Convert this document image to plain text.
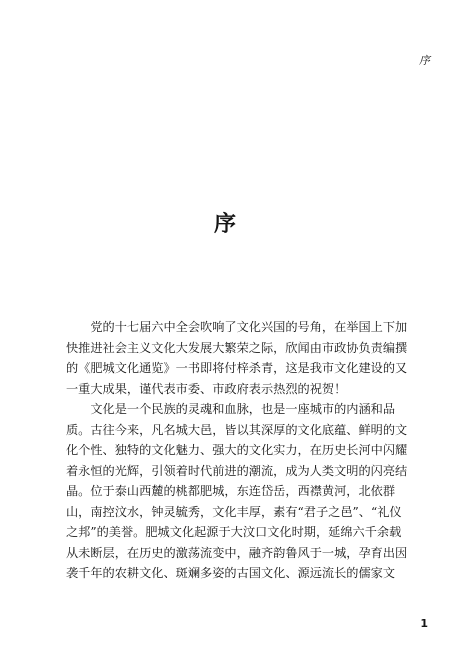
序
序
　　党的十七届六中全会吹响了文化兴国的号角，在举国上下加
快推进社会主义文化大发展大繁荣之际，欣闻由市政协负责编撰
的《肥城文化通览》一书即将付梓杀青，这是我市文化建设的又
一重大成果，谨代表市委、市政府表示热烈的祝贺！
　　文化是一个民族的灵魂和血脉，也是一座城市的内涵和品
质。古往今来，凡名城大邑，皆以其深厚的文化底蕴、鲜明的文
化个性、独特的文化魅力、强大的文化实力，在历史长河中闪耀
着永恒的光辉，引领着时代前进的潮流，成为人类文明的闪亮结
晶。位于泰山西麓的桃都肥城，东连岱岳，西襟黄河，北依群
山，南控汶水，钟灵毓秀，文化丰厚，素有“君子之邑”、“礼仪
之邦”的美誉。肥城文化起源于大汶口文化时期，延绵六千余载
从未断层，在历史的激荡流变中，融齐韵鲁风于一城，孕育出因
袭千年的农耕文化、斑斓多姿的古国文化、源远流长的儒家文
1
